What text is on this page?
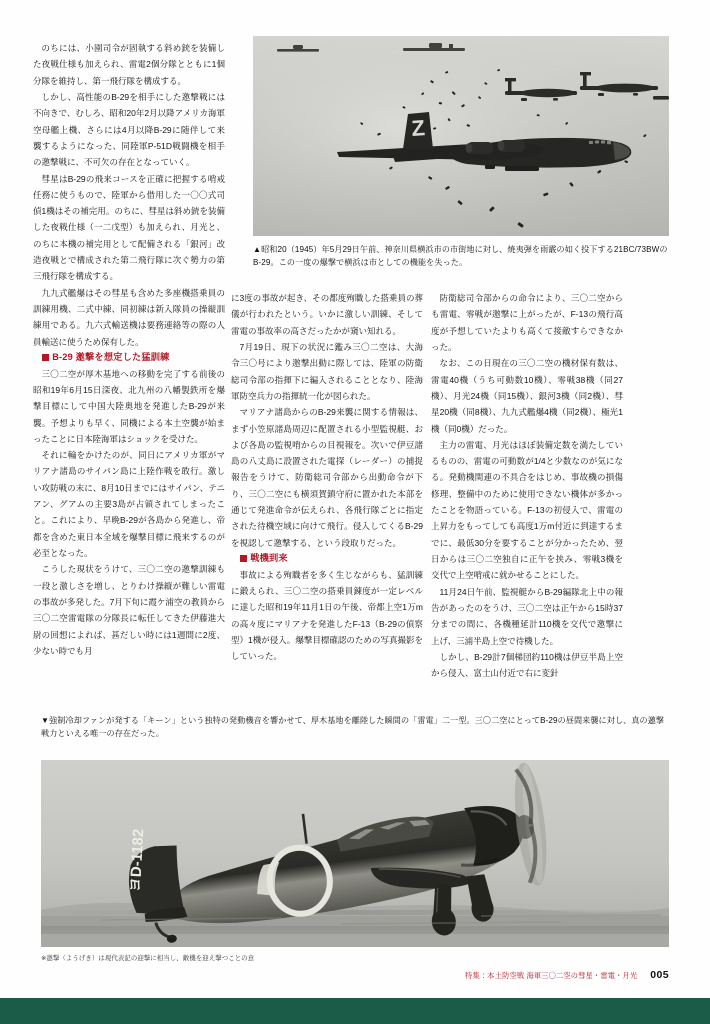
Z
▲昭和20（1945）年5月29日午前、神奈川県横浜市の市街地に対し、焼夷弾を雨霰の如く投下する21BC/73BWのB-29。この一度の爆撃で横浜は市としての機能を失った。

のちには、小園司令が固執する斜め銃を装備した夜戦仕様も加えられ、雷電2個分隊とともに1個分隊を維持し、第一飛行隊を構成する。

しかし、高性能のB-29を相手にした邀撃戦には不向きで、むしろ、昭和20年2月以降アメリカ海軍空母艦上機、さらには4月以降B-29に随伴して来襲するようになった、同陸軍P-51D戦闘機を相手の邀撃戦に、不可欠の存在となっていく。

彗星はB-29の飛来コースを正確に把握する哨戒任務に使うもので、陸軍から借用した一〇〇式司偵1機はその補完用。のちに、彗星は斜め銃を装備した夜戦仕様（一二戊型）も加えられ、月光と、のちに本機の補完用として配備される「銀河」改造夜戦とで構成された第二飛行隊に次ぐ勢力の第三飛行隊を構成する。

九九式艦爆はその彗星も含めた多座機搭乗員の訓練用機、二式中練、同初練は新入隊員の操縦訓練用である。九六式輸送機は要務連絡等の際の人員輸送に使うため保有した。

B-29 邀撃を想定した猛訓練

三〇二空が厚木基地への移動を完了する前後の昭和19年6月15日深夜、北九州の八幡製鉄所を爆撃目標にして中国大陸奥地を発進したB-29が来襲。予想よりも早く、同機による本土空襲が始まったことに日本陸海軍はショックを受けた。

それに輪をかけたのが、同日にアメリカ軍がマリアナ諸島のサイパン島に上陸作戦を敢行。激しい攻防戦の末に、8月10日までにはサイパン、テニアン、グアムの主要3島が占領されてしまったこと。これにより、早晩B-29が各島から発進し、帝都を含めた東日本全域を爆撃目標に飛来するのが必至となった。

こうした現状をうけて、三〇二空の邀撃訓練も一段と激しさを増し、とりわけ操縦が難しい雷電の事故が多発した。7月下旬に霞ケ浦空の教員から三〇二空雷電隊の分隊長に転任してきた伊藤進大尉の回想によれば、甚だしい時には1週間に2度、少ない時でも月

に3度の事故が起き、その都度殉職した搭乗員の葬儀が行われたという。いかに激しい訓練、そして雷電の事故率の高さだったかが窺い知れる。

7月19日、現下の状況に鑑み三〇二空は、大海令三〇号により邀撃出動に際しては、陸軍の防衛総司令部の指揮下に編入されることとなり、陸海軍防空兵力の指揮統一化が図られた。

マリアナ諸島からのB-29来襲に関する情報は、まず小笠原諸島周辺に配置される小型監視艇、および各島の監視哨からの目視報を。次いで伊豆諸島の八丈島に設置された電探（レーダー）の捕捉報告をうけて、防衛総司令部から出動命令が下り、三〇二空にも横須賀鎮守府に置かれた本部を通じて発進命令が伝えられ、各飛行隊ごとに指定された待機空域に向けて飛行。侵入してくるB-29を視認して邀撃する、という段取りだった。

戦機到来

事故による殉職者を多く生じながらも、猛訓練に鍛えられ、三〇二空の搭乗員錬度が一定レベルに達した昭和19年11月1日の午後、帝都上空1万mの高々度にマリアナを発進したF-13（B-29の偵察型）1機が侵入。爆撃目標確認のための写真撮影をしていった。

防衛総司令部からの命令により、三〇二空からも雷電、零戦が邀撃に上がったが、F-13の飛行高度が予想していたよりも高くて接敵すらできなかった。

なお、この日現在の三〇二空の機材保有数は、雷電40機（うち可動数10機）、零戦38機（同27機）、月光24機（同15機）、銀河3機（同2機）、彗星20機（同8機）、九九式艦爆4機（同2機）、極光1機（同0機）だった。

主力の雷電、月光はほぼ装備定数を満たしているものの、雷電の可動数が1/4と少数なのが気になる。発動機関連の不具合をはじめ、事故機の損傷修理、整備中のために使用できない機体が多かったことを物語っている。F-13の初侵入で、雷電の上昇力をもってしても高度1万m付近に到達するまでに、最低30分を要することが分かったため、翌日からは三〇二空独自に正午を挟み、零戦3機を交代で上空哨戒に就かせることにした。

11月24日午前、監視艇からB-29編隊北上中の報告があったのをうけ、三〇二空は正午から15時37分までの間に、各機種延計110機を交代で邀撃に上げ、三浦半島上空で待機した。

しかし、B-29計7個梯団約110機は伊豆半島上空から侵入、富士山付近で右に変針

▼強制冷却ファンが発する「キーン」という独特の発動機音を響かせて、厚木基地を離陸した瞬間の「雷電」二一型。三〇二空にとってB-29の昼間来襲に対し、真の邀撃戦力といえる唯一の存在だった。
ヨD-1182
※邀撃（ようげき）は現代表記の迎撃に相当し、敵機を迎え撃つことの意
特集：本土防空戦 海軍三〇二空の彗星・雷電・月光 005
